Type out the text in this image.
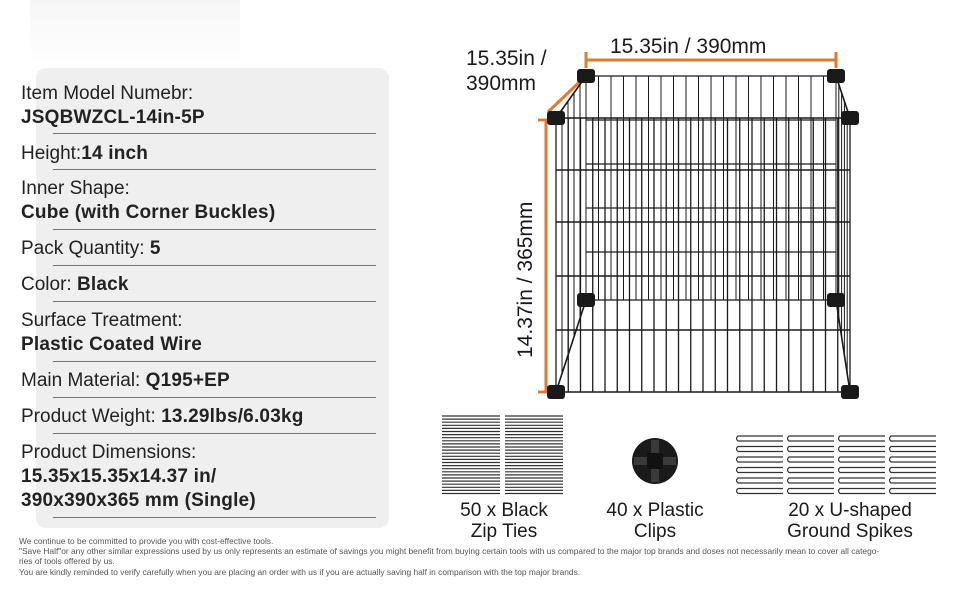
Item Model Numebr:
JSQBWZCL-14in-5P
Height:14 inch
Inner Shape:
Cube (with Corner Buckles)
Pack Quantity: 5
Color: Black
Surface Treatment:
Plastic Coated Wire
Main Material: Q195+EP
Product Weight: 13.29lbs/6.03kg
Product Dimensions:
15.35x15.35x14.37 in/
390x390x365 mm (Single)
15.35in / 390mm
15.35in /
390mm
14.37in / 365mm
50 x Black
Zip Ties
40 x Plastic
Clips
20 x U-shaped
Ground Spikes
We continue to be committed to provide you with cost-effective tools.
"Save Half"or any other similar expressions used by us only represents an estimate of savings you might benefit from buying certain tools with us compared to the major top brands and doses not necessarily mean to cover all catego-
ries of tools offered by us.
You are kindly reminded to verify carefully when you are placing an order with us if you are actually saving half in comparison with the top major brands.
